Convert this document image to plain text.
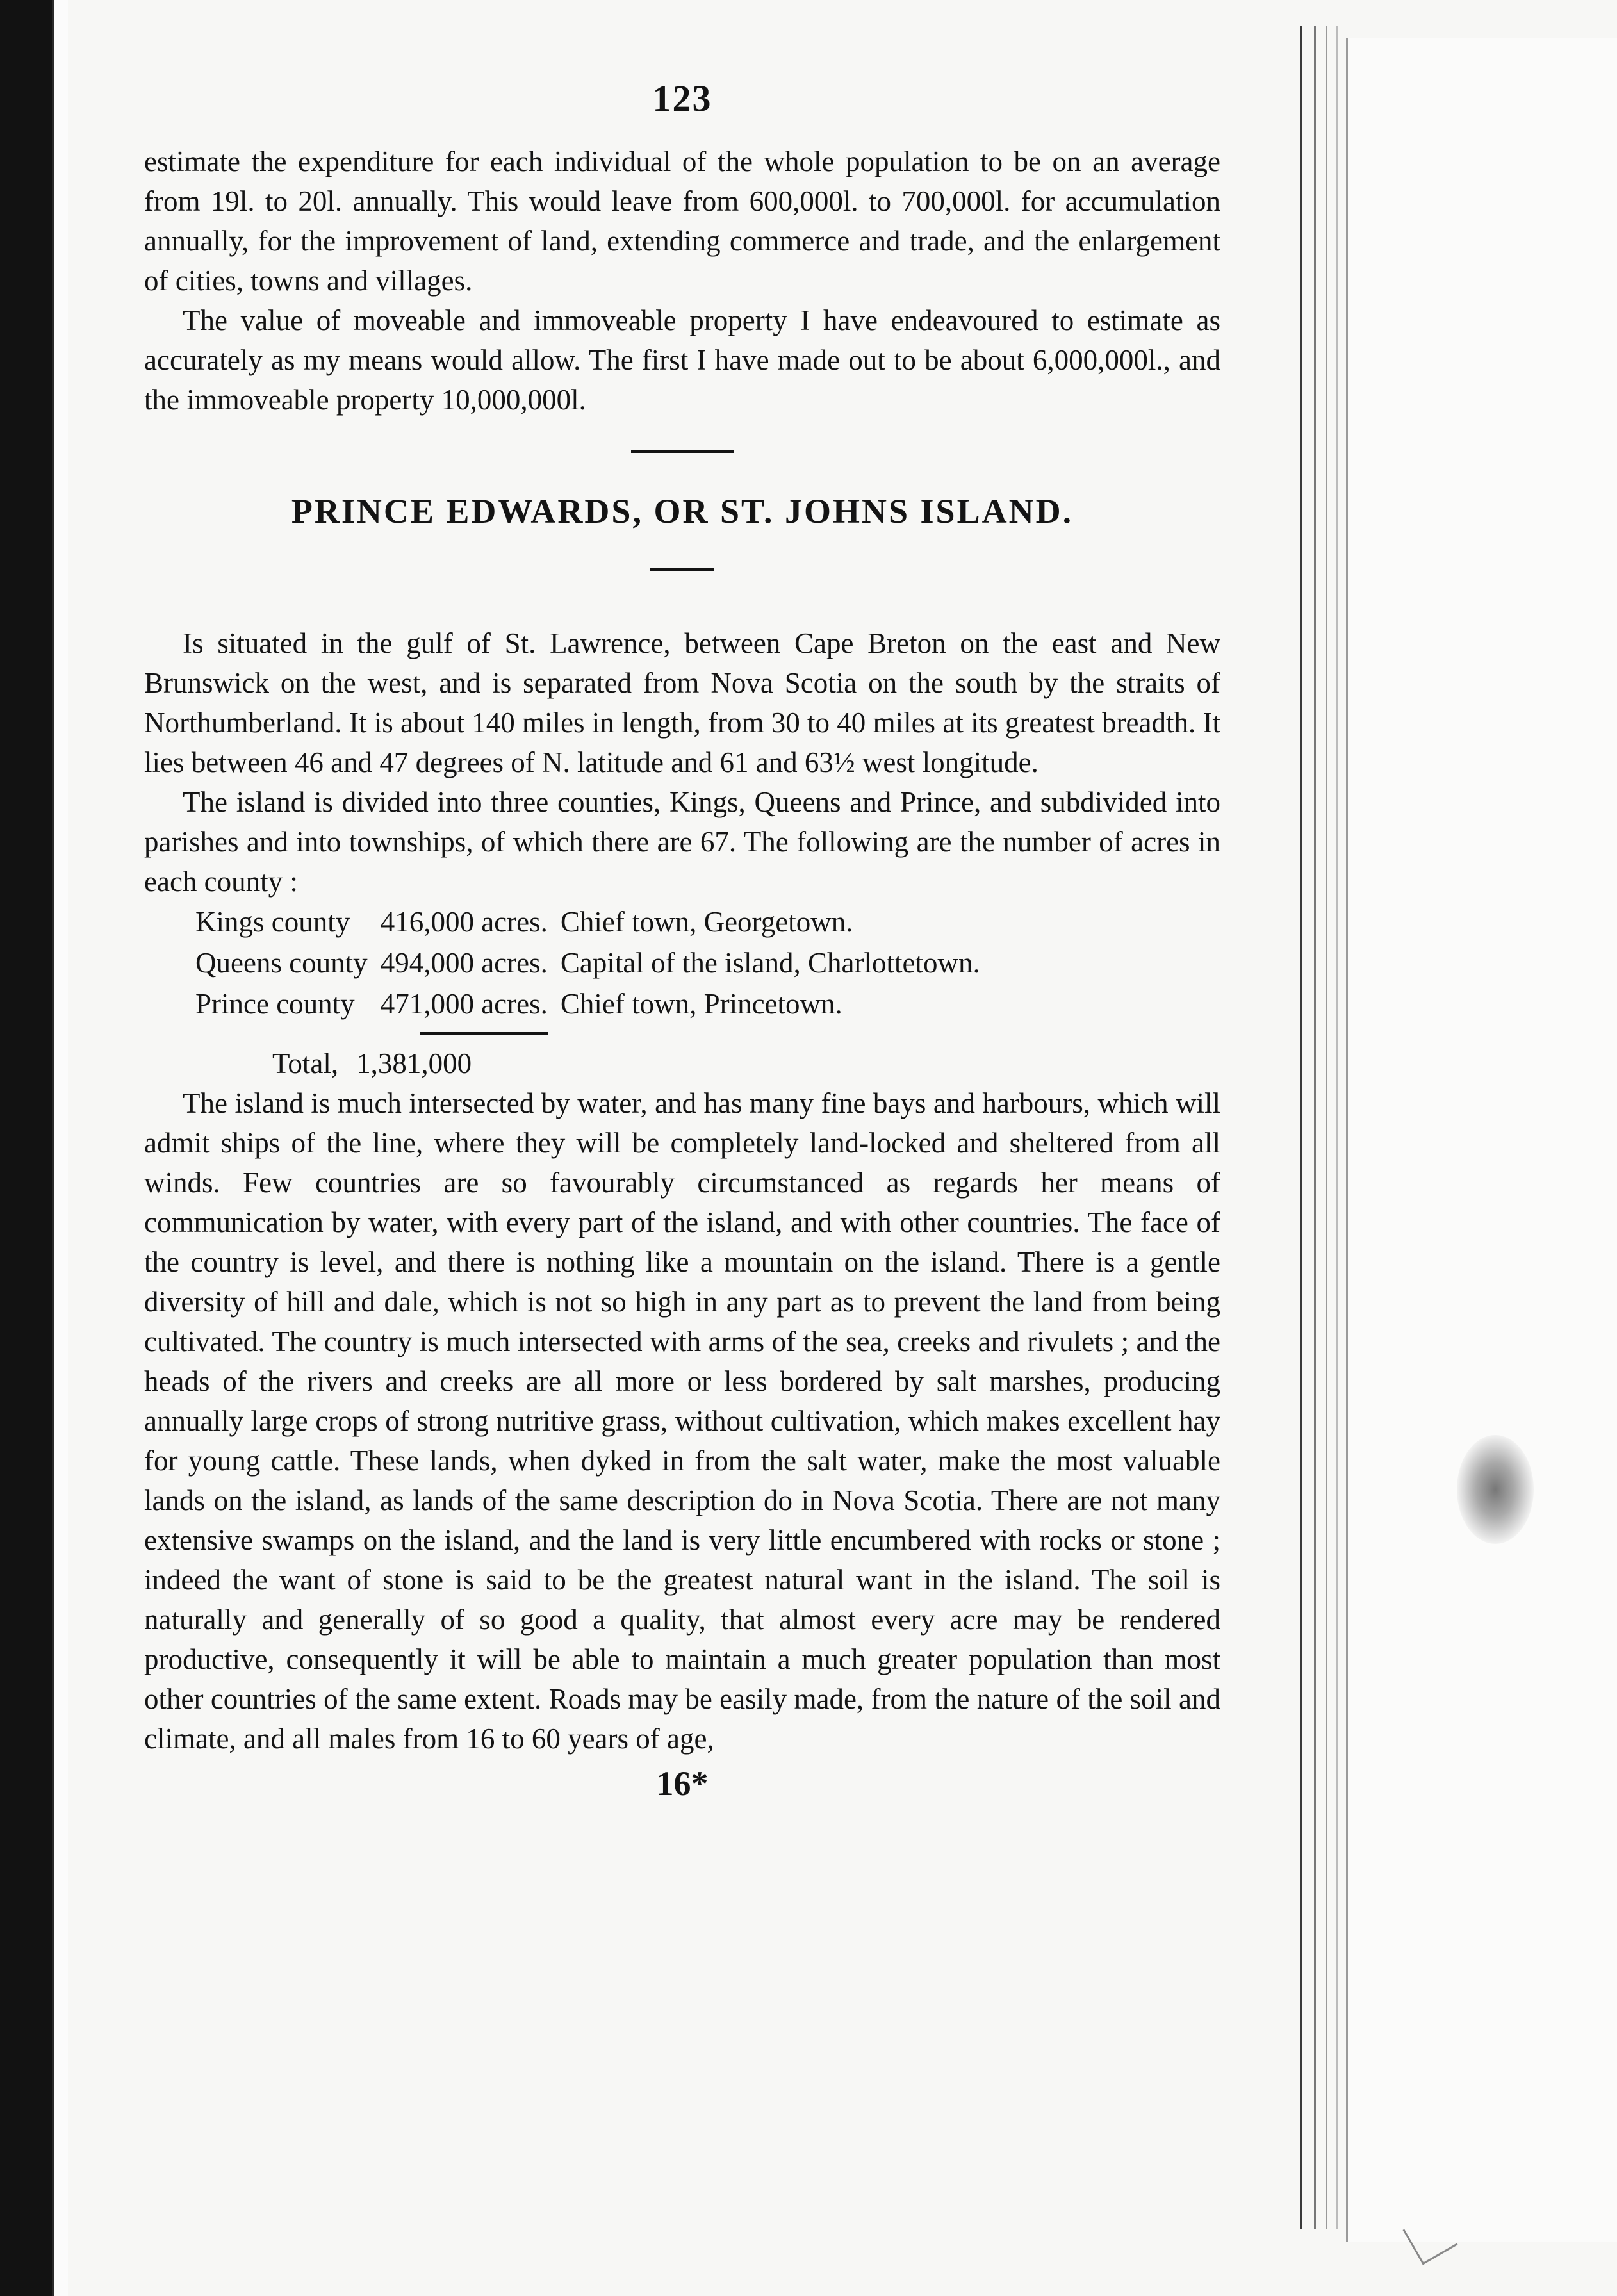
123

estimate the expenditure for each individual of the whole population to be on an average from 19l. to 20l. annually. This would leave from 600,000l. to 700,000l. for accumulation annually, for the improvement of land, extending commerce and trade, and the enlargement of cities, towns and villages.

The value of moveable and immoveable property I have endeavoured to estimate as accurately as my means would allow. The first I have made out to be about 6,000,000l., and the immoveable property 10,000,000l.

PRINCE EDWARDS, OR ST. JOHNS ISLAND.

Is situated in the gulf of St. Lawrence, between Cape Breton on the east and New Brunswick on the west, and is separated from Nova Scotia on the south by the straits of Northumberland. It is about 140 miles in length, from 30 to 40 miles at its greatest breadth. It lies between 46 and 47 degrees of N. latitude and 61 and 63½ west longitude.

The island is divided into three counties, Kings, Queens and Prince, and subdivided into parishes and into townships, of which there are 67. The following are the number of acres in each county :

Kings county	416,000 acres.	Chief town, Georgetown.
Queens county	494,000 acres.	Capital of the island, Charlottetown.
Prince county	471,000 acres.	Chief town, Princetown.
Total, 1,381,000

The island is much intersected by water, and has many fine bays and harbours, which will admit ships of the line, where they will be completely land-locked and sheltered from all winds. Few countries are so favourably circumstanced as regards her means of communication by water, with every part of the island, and with other countries. The face of the country is level, and there is nothing like a mountain on the island. There is a gentle diversity of hill and dale, which is not so high in any part as to prevent the land from being cultivated. The country is much intersected with arms of the sea, creeks and rivulets ; and the heads of the rivers and creeks are all more or less bordered by salt marshes, producing annually large crops of strong nutritive grass, without cultivation, which makes excellent hay for young cattle. These lands, when dyked in from the salt water, make the most valuable lands on the island, as lands of the same description do in Nova Scotia. There are not many extensive swamps on the island, and the land is very little encumbered with rocks or stone ; indeed the want of stone is said to be the greatest natural want in the island. The soil is naturally and generally of so good a quality, that almost every acre may be rendered productive, consequently it will be able to maintain a much greater population than most other countries of the same extent. Roads may be easily made, from the nature of the soil and climate, and all males from 16 to 60 years of age,

16*
